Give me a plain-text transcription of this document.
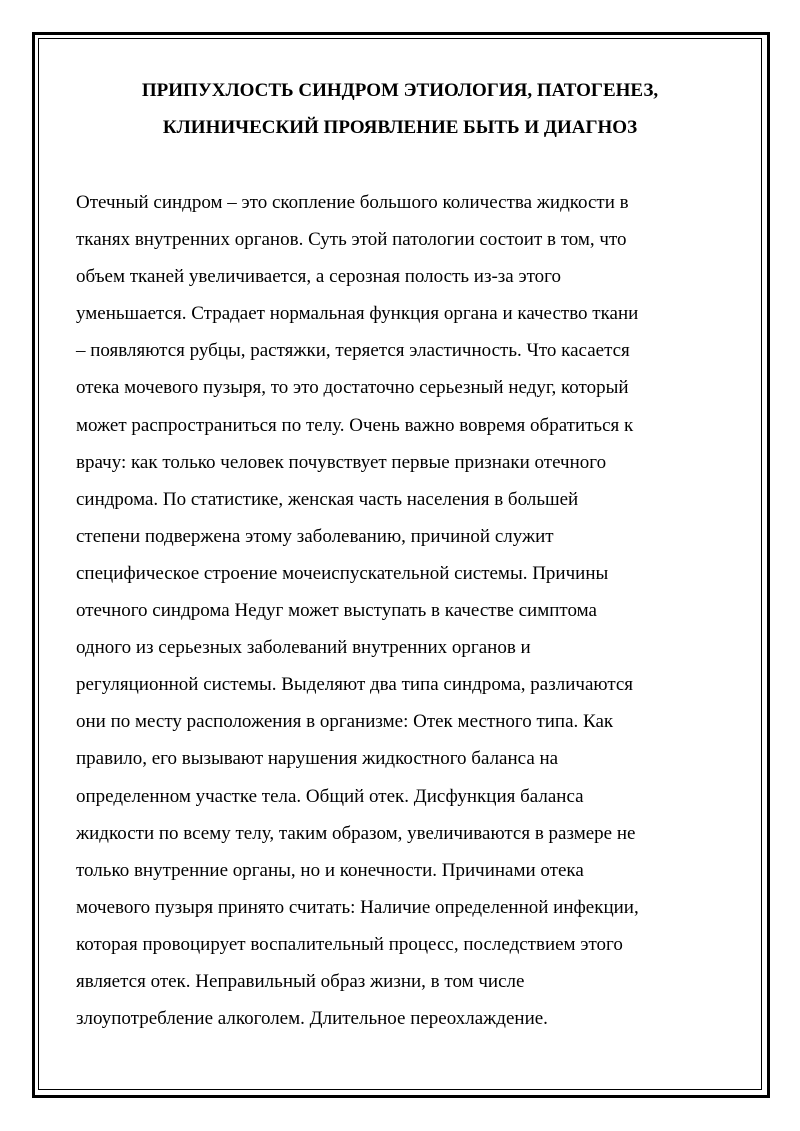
ПРИПУХЛОСТЬ СИНДРОМ ЭТИОЛОГИЯ, ПАТОГЕНЕЗ,
КЛИНИЧЕСКИЙ ПРОЯВЛЕНИЕ БЫТЬ И ДИАГНОЗ
Отечный синдром – это скопление большого количества жидкости в
тканях внутренних органов. Суть этой патологии состоит в том, что
объем тканей увеличивается, а серозная полость из-за этого
уменьшается. Страдает нормальная функция органа и качество ткани
– появляются рубцы, растяжки, теряется эластичность. Что касается
отека мочевого пузыря, то это достаточно серьезный недуг, который
может распространиться по телу. Очень важно вовремя обратиться к
врачу: как только человек почувствует первые признаки отечного
синдрома. По статистике, женская часть населения в большей
степени подвержена этому заболеванию, причиной служит
специфическое строение мочеиспускательной системы. Причины
отечного синдрома Недуг может выступать в качестве симптома
одного из серьезных заболеваний внутренних органов и
регуляционной системы. Выделяют два типа синдрома, различаются
они по месту расположения в организме: Отек местного типа. Как
правило, его вызывают нарушения жидкостного баланса на
определенном участке тела. Общий отек. Дисфункция баланса
жидкости по всему телу, таким образом, увеличиваются в размере не
только внутренние органы, но и конечности. Причинами отека
мочевого пузыря принято считать: Наличие определенной инфекции,
которая провоцирует воспалительный процесс, последствием этого
является отек. Неправильный образ жизни, в том числе
злоупотребление алкоголем. Длительное переохлаждение.
